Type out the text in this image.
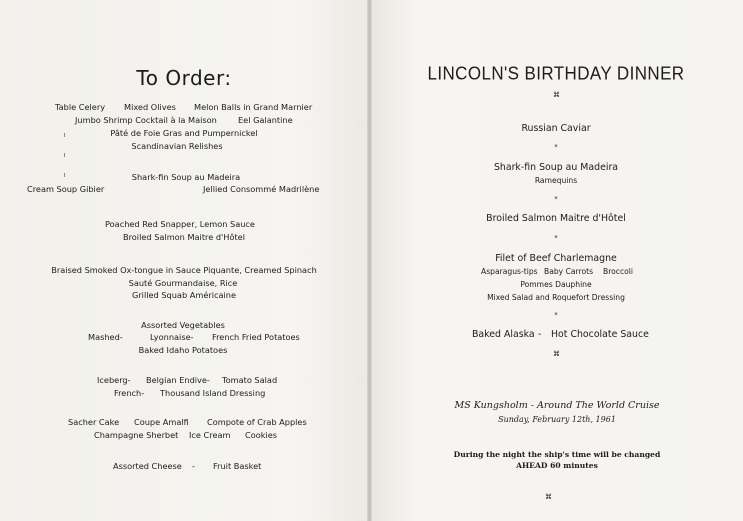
To Order:
Table Celery Mixed Olives Melon Balls in Grand Marnier
Jumbo Shrimp Cocktail à la Maison	Eel Galantine
Pâté de Foie Gras and Pumpernickel
Scandinavian Relishes
Shark-fin Soup au Madeira
Cream Soup Gibier	Jellied Consommé Madrilène
Poached Red Snapper, Lemon Sauce
Broiled Salmon Maitre d'Hôtel
Braised Smoked Ox-tongue in Sauce Piquante, Creamed Spinach
Sauté Gourmandaise, Rice
Grilled Squab Américaine
Assorted Vegetables
Mashed-	Lyonnaise- French Fried Potatoes
Baked Idaho Potatoes
Iceberg- Belgian Endive- Tomato Salad
French- Thousand Island Dressing
Sacher Cake Coupe Amalfi Compote of Crab Apples
Champagne Sherbet Ice Cream Cookies
Assorted Cheese - Fruit Basket
LINCOLN'S BIRTHDAY DINNER
⌘
Russian Caviar
*
Shark-fin Soup au Madeira
Ramequins
*
Broiled Salmon Maitre d'Hôtel
*
Filet of Beef Charlemagne
Asparagus-tips Baby Carrots Broccoli
Pommes Dauphine
Mixed Salad and Roquefort Dressing
*
Baked Alaska - Hot Chocolate Sauce
⌘
MS Kungsholm - Around The World Cruise
Sunday, February 12th, 1961
During the night the ship's time will be changed
AHEAD 60 minutes
⌘
